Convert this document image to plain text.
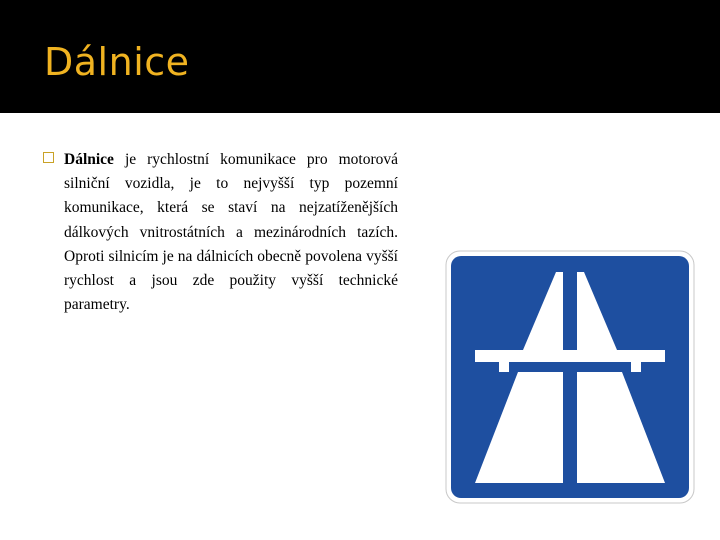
Dálnice
Dálnice je rychlostní komunikace pro motorová silniční vozidla, je to nejvyšší typ pozemní komunikace, která se staví na nejzatíženějších dálkových vnitrostátních a mezinárodních tazích. Oproti silnicím je na dálnicích obecně povolena vyšší rychlost a jsou zde použity vyšší technické parametry.
